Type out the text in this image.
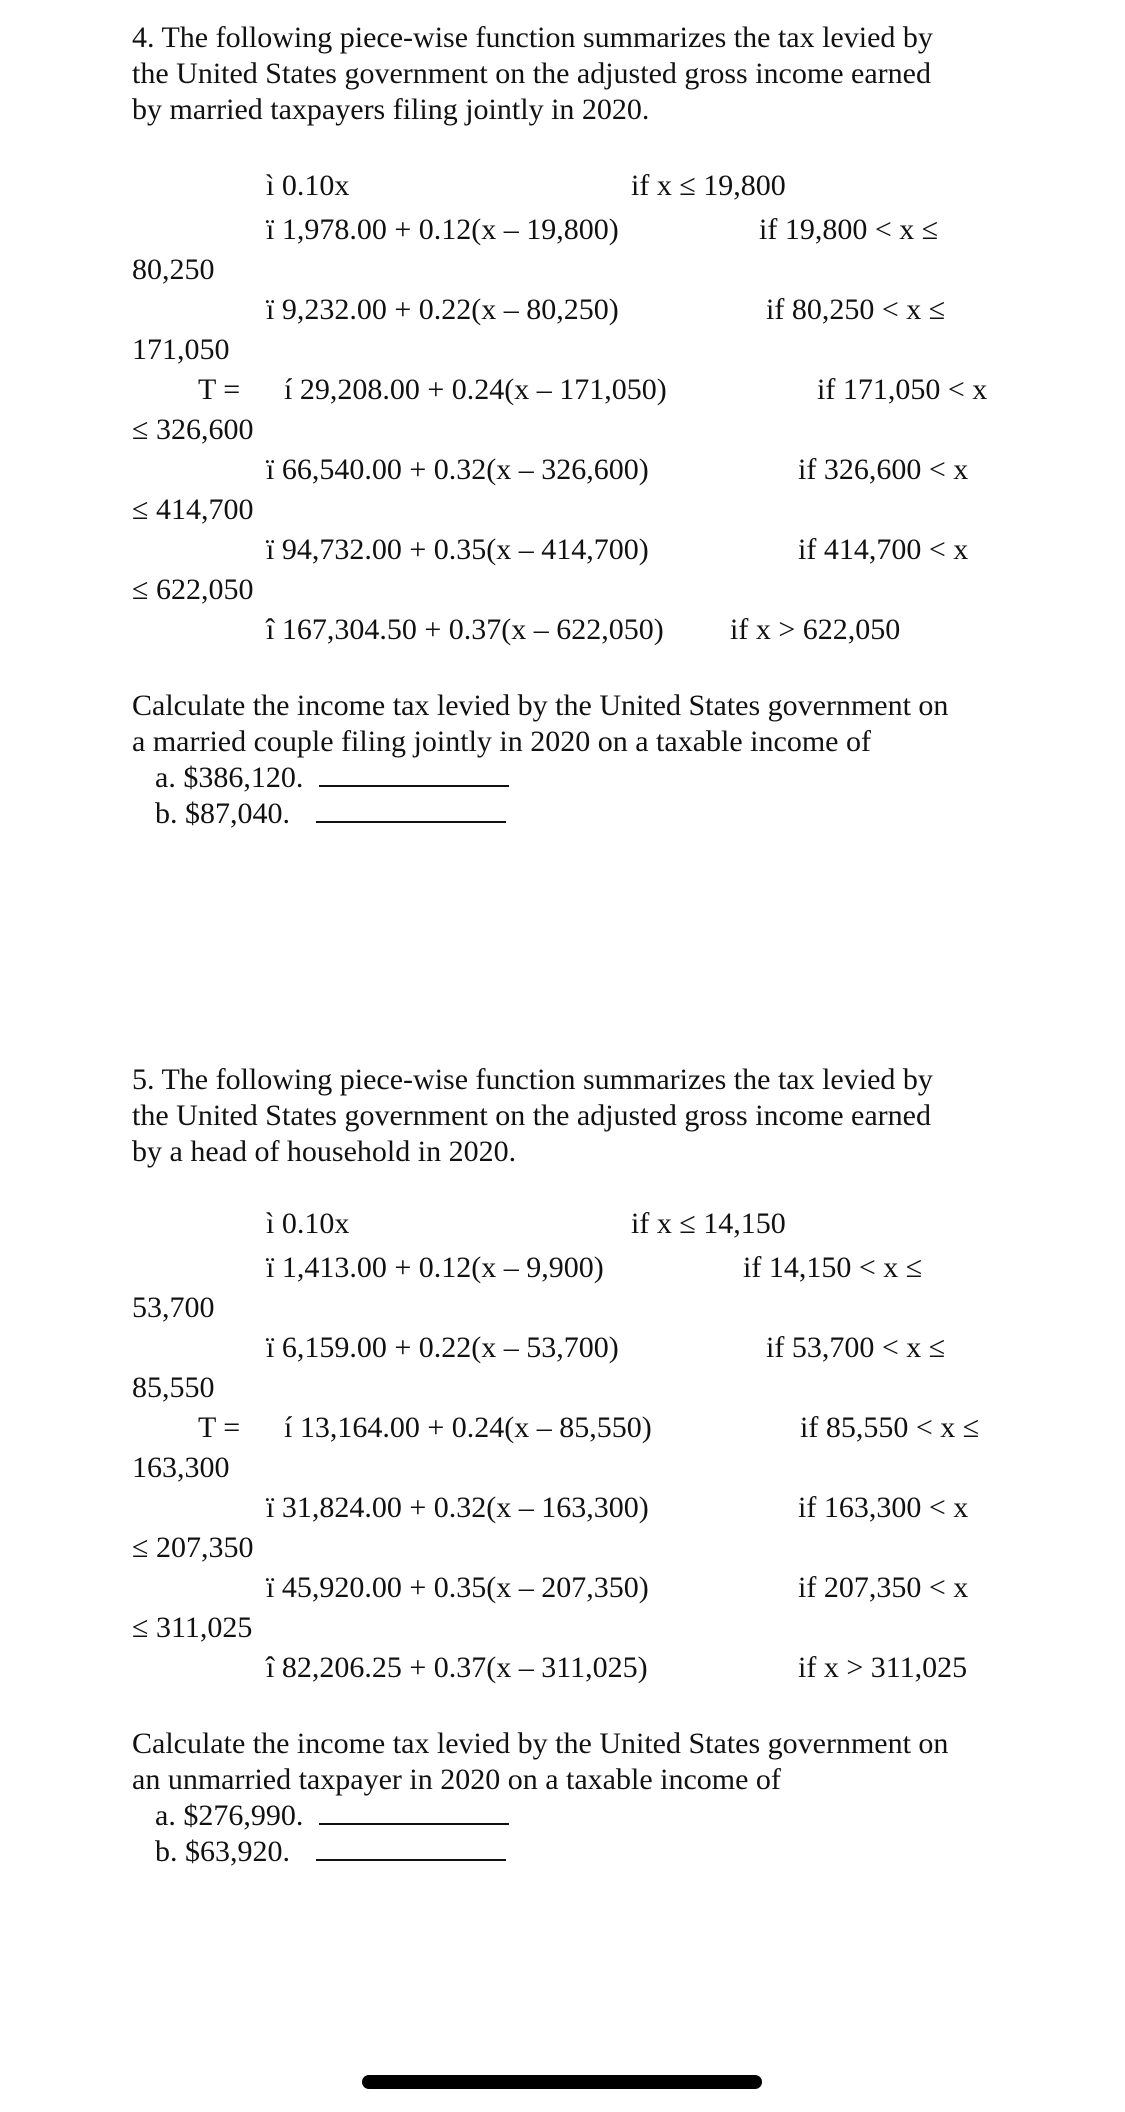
4. The following piece-wise function summarizes the tax levied by
the United States government on the adjusted gross income earned
by married taxpayers filing jointly in 2020.
ì 0.10x
ï 1,978.00 + 0.12(x – 19,800)
ï 9,232.00 + 0.22(x – 80,250)
T = í 29,208.00 + 0.24(x – 171,050)
ï 66,540.00 + 0.32(x – 326,600)
ï 94,732.00 + 0.35(x – 414,700)
î 167,304.50 + 0.37(x – 622,050)
if x ≤ 19,800
if 19,800 < x ≤
if 80,250 < x ≤
if 171,050 < x
if 326,600 < x
if 414,700 < x
if x > 622,050
80,250
171,050
≤ 326,600
≤ 414,700
≤ 622,050
Calculate the income tax levied by the United States government on
a married couple filing jointly in 2020 on a taxable income of
a. $386,120.
b. $87,040.
5. The following piece-wise function summarizes the tax levied by
the United States government on the adjusted gross income earned
by a head of household in 2020.
ì 0.10x
ï 1,413.00 + 0.12(x – 9,900)
ï 6,159.00 + 0.22(x – 53,700)
T = í 13,164.00 + 0.24(x – 85,550)
ï 31,824.00 + 0.32(x – 163,300)
ï 45,920.00 + 0.35(x – 207,350)
î 82,206.25 + 0.37(x – 311,025)
if x ≤ 14,150
if 14,150 < x ≤
if 53,700 < x ≤
if 85,550 < x ≤
if 163,300 < x
if 207,350 < x
if x > 311,025
53,700
85,550
163,300
≤ 207,350
≤ 311,025
Calculate the income tax levied by the United States government on
an unmarried taxpayer in 2020 on a taxable income of
a. $276,990.
b. $63,920.
